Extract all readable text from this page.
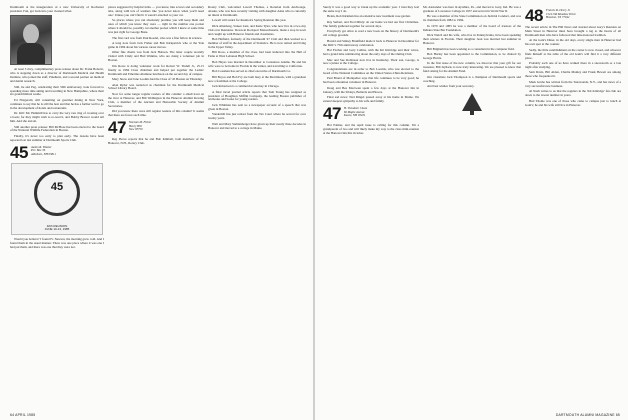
Dartmouth at the inauguration of a new University of Rochester president. Fun, got back into your cleaned silver.

At least 3 ritzy, complimentary press release about Dr. Frank Bobotic, who is stepping down as a director of Dartmouth Medical and Health Institute, who joined the staff, Pinehurst, and a second partner on medical and dental research.

Still, he and Peg, celebrating their 50th anniversary, look forward to spending more time skiing and travelling in New Hampshire, where their six grandchildren reside.

Ed Fitzgerald, still consulting on gourmet dining in New York, continues to say that he is still the best and that he has a farther well to go in the development of hotels and restaurants.

Dr. Kill: Mr. Hammill has to carry the very rare ring of crossing over a book; for they might wish to re-read it, and Bobby Brewer would tell him. And she and Al.

Still another press release: Bill McHose has been elected to the board of the National Wildlife Federation in Boston.

Finally, it's never too early to plan early. The dozens have been reported lost last summer at Dartmouth Sports Club.

45 Austin R. Wiester
P.O. Box 36
Attleboro, NH 03811
45
40th REUNION
JUNE 10-13, 1985

Would you believe? I found Fr. Newton, the morning grew cold. And I found them in the usual manner. There was one place where it was one I had put them, and there was one that they were not.

places suggested by helpful folks — you know, like screws and secondary tabs, along with lots of washers like 'you never know when you'll need one.' Unless you can't find it it weren't attached to your car.

So places where you can absolutely promise you will keep them and ones of which you know they were — right in the number one pocket where it should be, possibly cut another pocket which I knew at some time was just right for George Bone.

The first card was from Paul Roedel, who was a fine fellow in science.

A long note from Jack Fisher and Bob Kirkpatrick who at the Yale game in 1984 about his various career moves.

Other fine clients was from Jack Hobson. The latter couple recently visited with Cindy and Bud Watkins, who are doing a volunteer job in Boston.

Jim Rowe is doing volunteer work for Robert W. Tisdell Jr., 25.15 finally as 1984 Class chairman and helped put together the Ladies' Dartmouth and Emeritus Alumnae luncheon on the second day of campus.

Mary Snow and Jane Loomis had the Class of '45 Boston on Thursday.

Alan Ryder was reelected as chairman for the Dartmouth Medical School Library Board.

Now for some longer regular readers of this column: a small trout on the river at Hanover, and Bill Wellington in the Hanover Alumni Rowing Club, a member of the Ancient and Honorable Society of Alumni Secretaries.

Did you know there were still regular readers of this column? It seems that there are fewer each time.

47 Norman M. Fisher
Henry Hill
New 03750

Reg Pierce reports that he and Bob Kimball, both members of the Hanover, N.H., Rotary Club.

Rotary Club, welcomed Lowell Thomas, a Rotarian from Anchorage, Alaska, who was here recently visiting with daughter Anne who is currently an intern at Dartmouth.

Lowell will return for Reunion's Spring Reunion this year.

Dick Allenberg, Stokes Lutz, and Katie Tyler, who now live in a two-day visit over Reunions. Down-in Rockport Massachusetts, made a stop in town and caught up with Hanover friends and classmates.

Bob Hatfield, formerly of the Dartmouth '47 Club and then worked as a member of staff in the department of Statistics. He is now retired and living in the Upper Valley.

Bill Roos, a member of the class, had been inducted into the Hall of Fame at West Lebanon High School.

Bob Hayes was married in December to Constance Adams. He and his wife were to be home in Florida in the winter, and travelling to California.

Bob Cossman has served as chief executive of Dartmouth Co.

Bill Boyce and Bob Fry are both busy at the Merrimack, with a grandson now a freshman at the College.

Jack Robertson is a commercial attorney in Chicago.

A final travel journal article reports that Tom Young has resigned as president of Houghton Mifflin Company, the leading Boston publisher of textbooks and books for young readers.

Jack Whitman has sent us a newspaper account of a speech that was given in Boston.

Vanderbilt has just retired from the Tax Court where he served for over twenty years.

Walt and Mary Stehlenberger have given up their nearly three decades in Hanover and moved to a cottage in Maine.

64 APRIL 1985

Surely it was a good way to break up the academic year. I trust they feel the same way I do.

Helen, Rob Kirkman has an extensive new treatment rose garden.

Ray Seibert, and Fred Minty: At our home we had our first Christmas. The family gathered together for several days.

Everybody got Alice to read a new book on the history of Dartmouth's old college grounds.

Harold and Sidney Brumfield made it back to Hanover in December for the DOC's 75th anniversary celebration.

Hal Fischer and Gary Collins, with the Kit Kittridge and their wives, had a grand time reminiscing about the early days of the Outing Club.

Mac and Sue Robinson now live in Kentucky. Their son, George, is now a junior at the College.

Congratulations are in order to Bob Loomis, who was elected to the board of the National Committee on the United States-China Relations.

Paul Brand of Montpelier says that life continues to be very good; he had been a Reunion volunteer in Hanover.

Doug and Bea MacLean spent a few days at the Hanover Inn in January, with the Sibleys, Ballards and Howes.

Final sad news: Ned Ringel passed away at his home in Maine. We extend deepest sympathy to his wife and family.

47 H. Theodore Chase
60 Maple Avenue
Keene, NH 03431

Hal Palmer, and the April issue is calling for this column. I'm a grandparent of two and will likely make my way to the class mini-reunion at the Hanover Inn this October.

Mr. Alexander was here in Ayrshire, Pa., and moved to Gary, Ind. He was a graduate of Lawrence College in 1937 and served in World War II.

He was a member of the State Commission on Judicial Conduct, and was its chairman from 1982 to 1984.

In 1979 and 1983 he was a member of the board of trustees of the Indiana State Bar Foundation.

Dick Welch and his wife, who live in Pennsylvania, have been spending their winters in Florida. Their daughter Jean was married last summer in Hanover.

Bill Brigham has been working as a consultant in the computer field.

Bob Hurley has been appointed to the Commission, to be chaired by George Harris.

In the first issue of the new column, we discover that your gift for our treasurer, Bill Jayhack, is now truly interesting. We are pleased to know that fund raising for the Alumni Fund.

Our classmate Jack Thompson is a champion of Dartmouth sports and coaching.

And best wishes from your secretary.

48 Francis R. Drury Jr.
1524 Old Meadow Drive
Houston, TX 77042

The recent article in The Hill News and Journal about Gary's Reunion on Main Street in Hanover must have brought a tug to the hearts of all Dartmouth men who have followed that time-honored tradition.

At the Gant's Diner, in the old days, every single man in Hanover had his own spot at the counter.

Sadly, the little establishment on the corner is now closed, and whoever finds himself at the table of the old Gant's will find it a very different place.

Probably each one of us have walked there in a snowstorm or a late night after studying.

Sam Davis, Bill Alden, Charlie Manley and Frank Hewett are among those who frequented it.

Mark Grube has written from the Tonawanda, N.Y., and has news of a very successful new business.

Al Nash writes to us that the regulars in the 'Kit Kittridge' fan club are down to the lowest number in years.

Bud Thome was one of those who came to campus just to lunch at Gant's; he and his wife still live in Hanover.

DARTMOUTH ALUMNI MAGAZINE 65
